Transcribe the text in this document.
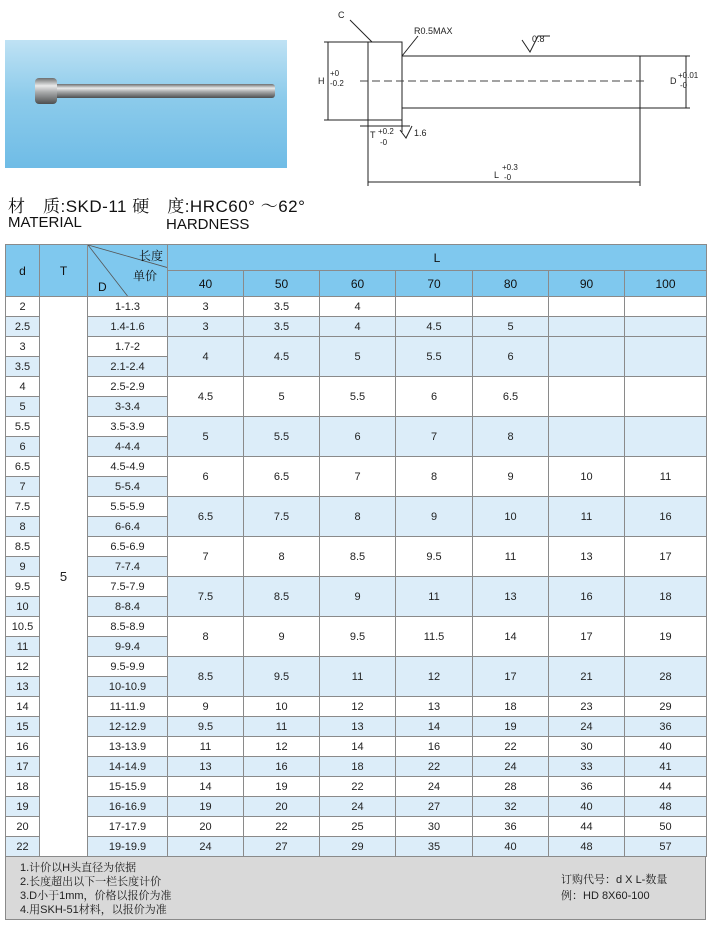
C
R0.5MAX
0.8
H
+0
-0.2	D
+0.01
-0
T +0.2
-0
1.6
L
+0.3
-0
材　质:SKD-11 硬　度:HRC60° ～62°
MATERIAL	HARDNESS
d	T	长度
单价
D	L						
			40	50	60	70	80	90	100
2	5	1-1.3	3	3.5	4				
2.5		1.4-1.6	3	3.5	4	4.5	5		
3		1.7-2	4	4.5	5	5.5	6		
3.5		2.1-2.4							
4		2.5-2.9	4.5	5	5.5	6	6.5		
5		3-3.4							
5.5		3.5-3.9	5	5.5	6	7	8		
6		4-4.4							
6.5		4.5-4.9	6	6.5	7	8	9	10	11
7		5-5.4							
7.5		5.5-5.9	6.5	7.5	8	9	10	11	16
8		6-6.4							
8.5		6.5-6.9	7	8	8.5	9.5	11	13	17
9		7-7.4							
9.5		7.5-7.9	7.5	8.5	9	11	13	16	18
10		8-8.4							
10.5		8.5-8.9	8	9	9.5	11.5	14	17	19
11		9-9.4							
12		9.5-9.9	8.5	9.5	11	12	17	21	28
13		10-10.9							
14		11-11.9	9	10	12	13	18	23	29
15		12-12.9	9.5	11	13	14	19	24	36
16		13-13.9	11	12	14	16	22	30	40
17		14-14.9	13	16	18	22	24	33	41
18		15-15.9	14	19	22	24	28	36	44
19		16-16.9	19	20	24	27	32	40	48
20		17-17.9	20	22	25	30	36	44	50
22		19-19.9	24	27	29	35	40	48	57
1.计价以H头直径为依据
2.长度超出以下一栏长度计价
3.D小于1mm，价格以报价为准
4.用SKH-51材料，以报价为准
订购代号：d X L-数量
例：HD 8X60-100
